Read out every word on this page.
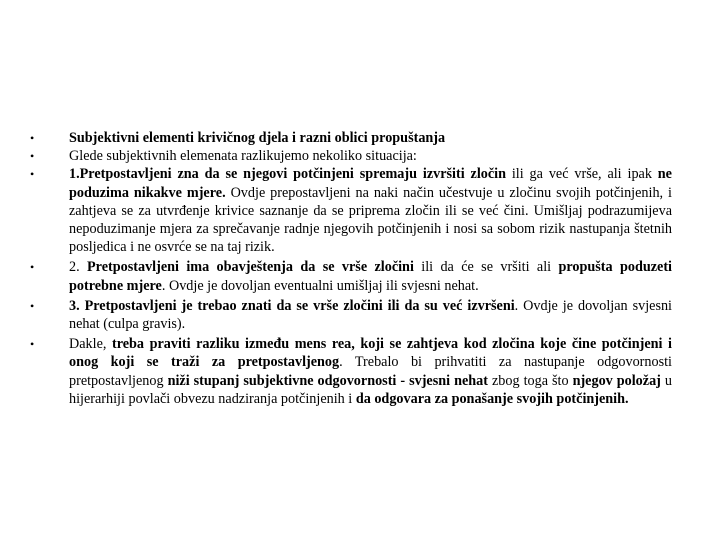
•	Subjektivni elementi krivičnog djela i razni oblici propuštanja
•	Glede subjektivnih elemenata razlikujemo nekoliko situacija:
•	1.Pretpostavljeni zna da se njegovi potčinjeni spremaju izvršiti zločin ili ga već vrše, ali ipak ne poduzima nikakve mjere. Ovdje prepostavljeni na naki način učestvuje u zločinu svojih potčinjenih, i zahtjeva se za utvrđenje krivice saznanje da se priprema zločin ili se već čini. Umišljaj podrazumijeva nepoduzimanje mjera za sprečavanje radnje njegovih potčinjenih i nosi sa sobom rizik nastupanja štetnih posljedica i ne osvrće se na taj rizik.
•	2. Pretpostavljeni ima obavještenja da se vrše zločini ili da će se vršiti ali propušta poduzeti potrebne mjere. Ovdje je dovoljan eventualni umišljaj ili svjesni nehat.
•	3. Pretpostavljeni je trebao znati da se vrše zločini ili da su već izvršeni. Ovdje je dovoljan svjesni nehat (culpa gravis).
•	Dakle, treba praviti razliku između mens rea, koji se zahtjeva kod zločina koje čine potčinjeni i onog koji se traži za pretpostavljenog. Trebalo bi prihvatiti za nastupanje odgovornosti pretpostavljenog niži stupanj subjektivne odgovornosti - svjesni nehat zbog toga što njegov položaj u hijerarhiji povlači obvezu nadziranja potčinjenih i da odgovara za ponašanje svojih potčinjenih.
